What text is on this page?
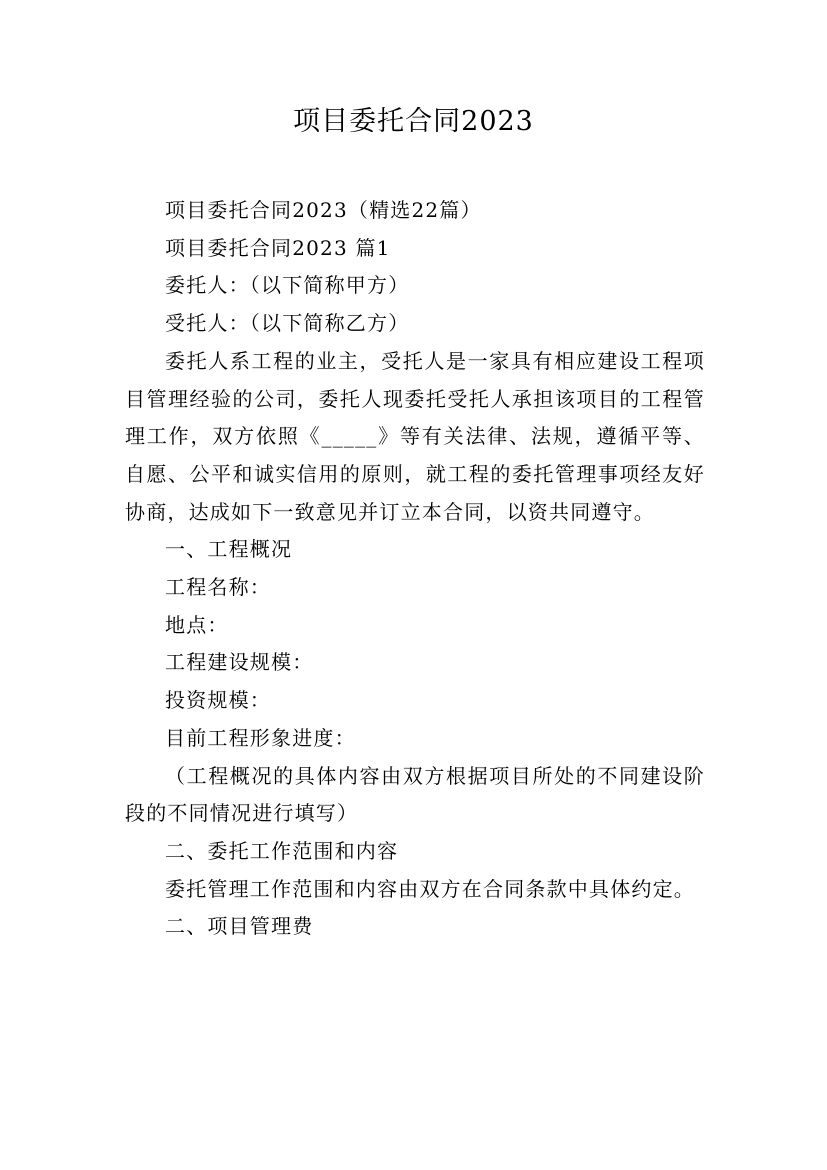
项目委托合同2023

项目委托合同2023（精选22篇）

项目委托合同2023 篇1

委托人：（以下简称甲方）

受托人：（以下简称乙方）

委托人系工程的业主，受托人是一家具有相应建设工程项目管理经验的公司，委托人现委托受托人承担该项目的工程管理工作，双方依照《_____》等有关法律、法规，遵循平等、自愿、公平和诚实信用的原则，就工程的委托管理事项经友好协商，达成如下一致意见并订立本合同，以资共同遵守。

一、工程概况

工程名称：

地点：

工程建设规模：

投资规模：

目前工程形象进度：

（工程概况的具体内容由双方根据项目所处的不同建设阶段的不同情况进行填写）

二、委托工作范围和内容

委托管理工作范围和内容由双方在合同条款中具体约定。

二、项目管理费
